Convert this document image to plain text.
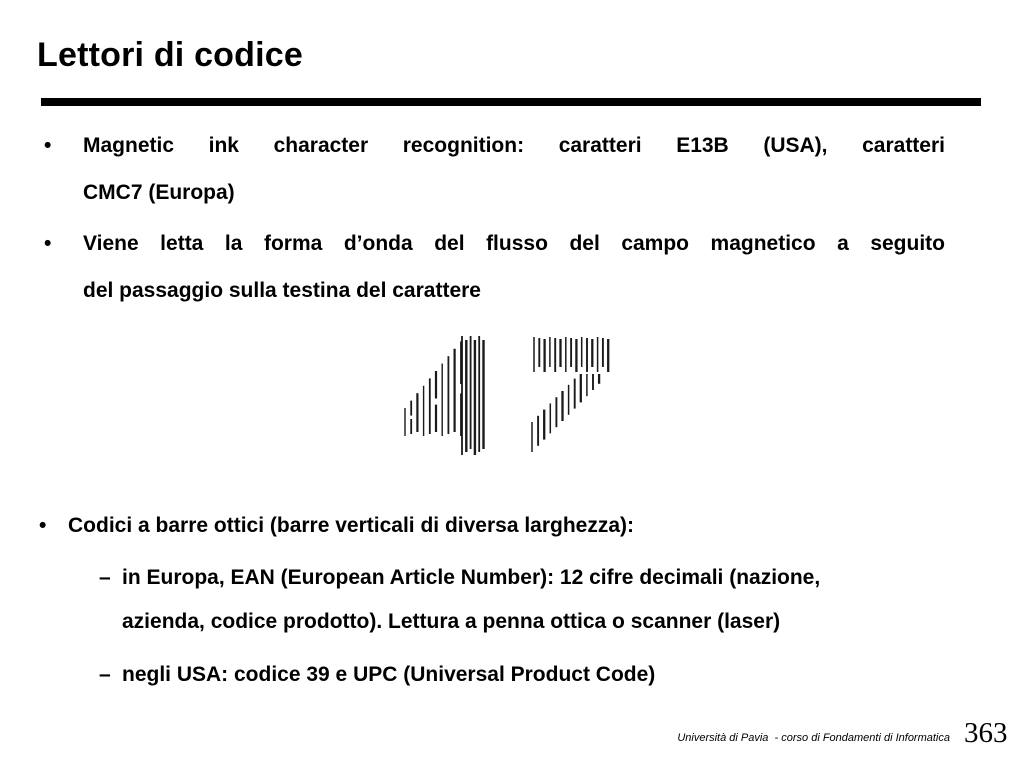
Lettori di codice
• Magnetic ink character recognition: caratteri E13B (USA), caratteri
CMC7 (Europa)
• Viene letta la forma d’onda del flusso del campo magnetico a seguito
del passaggio sulla testina del carattere
• Codici a barre ottici (barre verticali di diversa larghezza):
– in Europa, EAN (European Article Number): 12 cifre decimali (nazione,
azienda, codice prodotto). Lettura a penna ottica o scanner (laser)
– negli USA: codice 39 e UPC (Universal Product Code)
Università di Pavia  - corso di Fondamenti di Informatica 363
